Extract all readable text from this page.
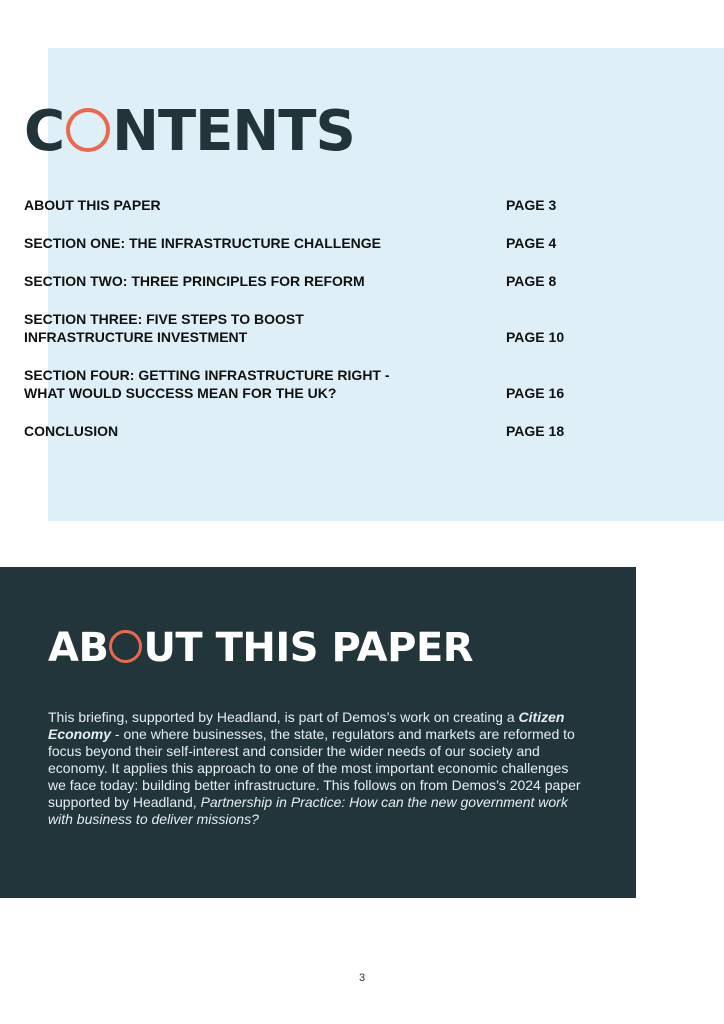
C NTENTS
ABOUT THIS PAPER	PAGE 3
SECTION ONE: THE INFRASTRUCTURE CHALLENGE	PAGE 4
SECTION TWO: THREE PRINCIPLES FOR REFORM	PAGE 8
SECTION THREE: FIVE STEPS TO BOOST INFRASTRUCTURE INVESTMENT	PAGE 10
SECTION FOUR: GETTING INFRASTRUCTURE RIGHT - WHAT WOULD SUCCESS MEAN FOR THE UK?	PAGE 16
CONCLUSION	PAGE 18
AB UT THIS PAPER

This briefing, supported by Headland, is part of Demos’s work on creating a Citizen Economy - one where businesses, the state, regulators and markets are reformed to focus beyond their self-interest and consider the wider needs of our society and economy. It applies this approach to one of the most important economic challenges we face today: building better infrastructure. This follows on from Demos’s 2024 paper supported by Headland, Partnership in Practice: How can the new government work with business to deliver missions?

3
